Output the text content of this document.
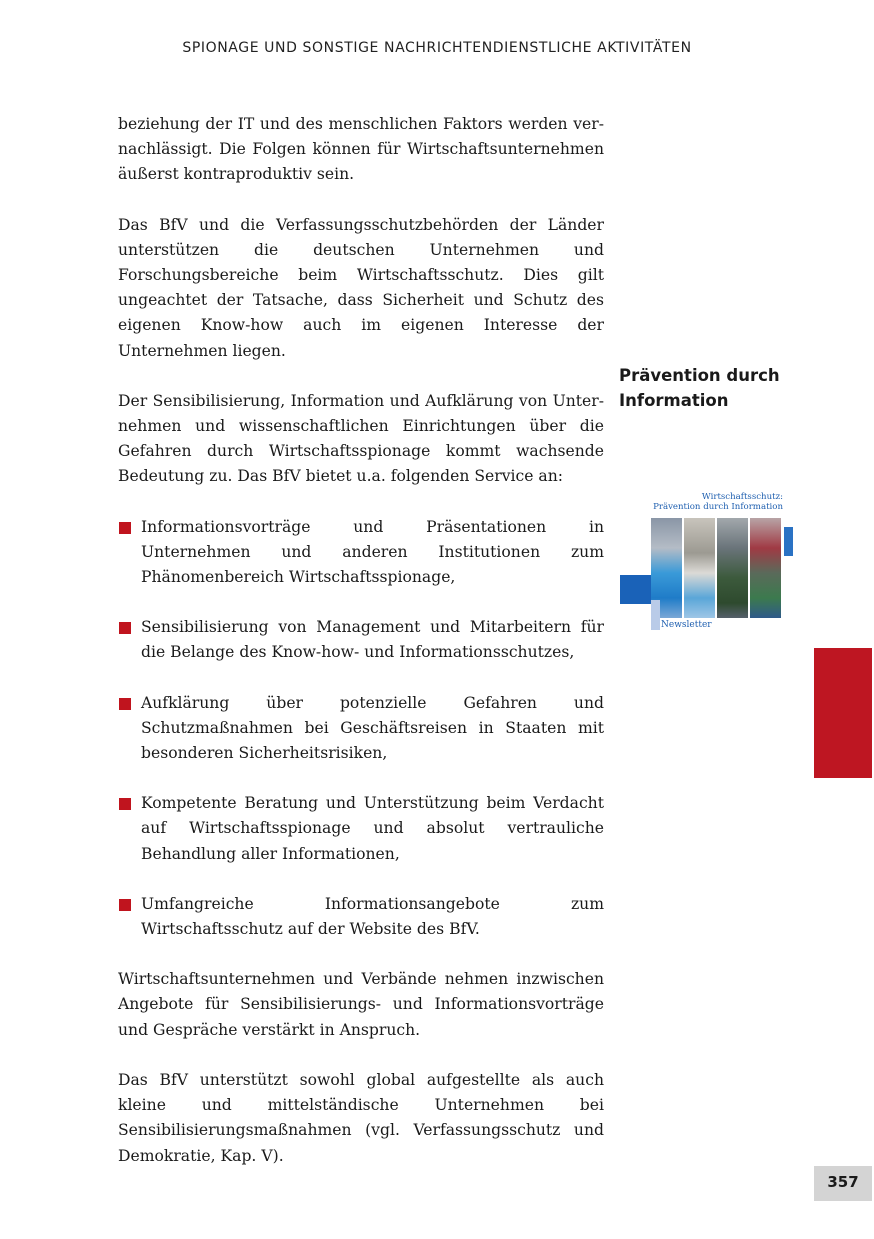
SPIONAGE UND SONSTIGE NACHRICHTENDIENSTLICHE AKTIVITÄTEN

beziehung der IT und des menschlichen Faktors werden vernachlässigt. Die Folgen können für Wirtschaftsunternehmen äußerst kontraproduktiv sein.

Das BfV und die Verfassungsschutzbehörden der Länder unterstützen die deutschen Unternehmen und Forschungsbereiche beim Wirtschaftsschutz. Dies gilt ungeachtet der Tatsache, dass Sicherheit und Schutz des eigenen Know-how auch im eigenen Interesse der Unternehmen liegen.

Der Sensibilisierung, Information und Aufklärung von Unternehmen und wissenschaftlichen Einrichtungen über die Gefahren durch Wirtschaftsspionage kommt wachsende Bedeutung zu. Das BfV bietet u.a. folgenden Service an:

Informationsvorträge und Präsentationen in Unternehmen und anderen Institutionen zum Phänomenbereich Wirtschaftsspionage,
Sensibilisierung von Management und Mitarbeitern für die Belange des Know-how- und Informationsschutzes,
Aufklärung über potenzielle Gefahren und Schutzmaßnahmen bei Geschäftsreisen in Staaten mit besonderen Sicherheitsrisiken,
Kompetente Beratung und Unterstützung beim Verdacht auf Wirtschaftsspionage und absolut vertrauliche Behandlung aller Informationen,
Umfangreiche Informationsangebote zum Wirtschaftsschutz auf der Website des BfV.

Wirtschaftsunternehmen und Verbände nehmen inzwischen Angebote für Sensibilisierungs- und Informationsvorträge und Gespräche verstärkt in Anspruch.

Das BfV unterstützt sowohl global aufgestellte als auch kleine und mittelständische Unternehmen bei Sensibilisierungsmaßnahmen (vgl. Verfassungsschutz und Demokratie, Kap. V).

Prävention durch
Information
Wirtschaftsschutz:
Prävention durch Information
Newsletter
357
